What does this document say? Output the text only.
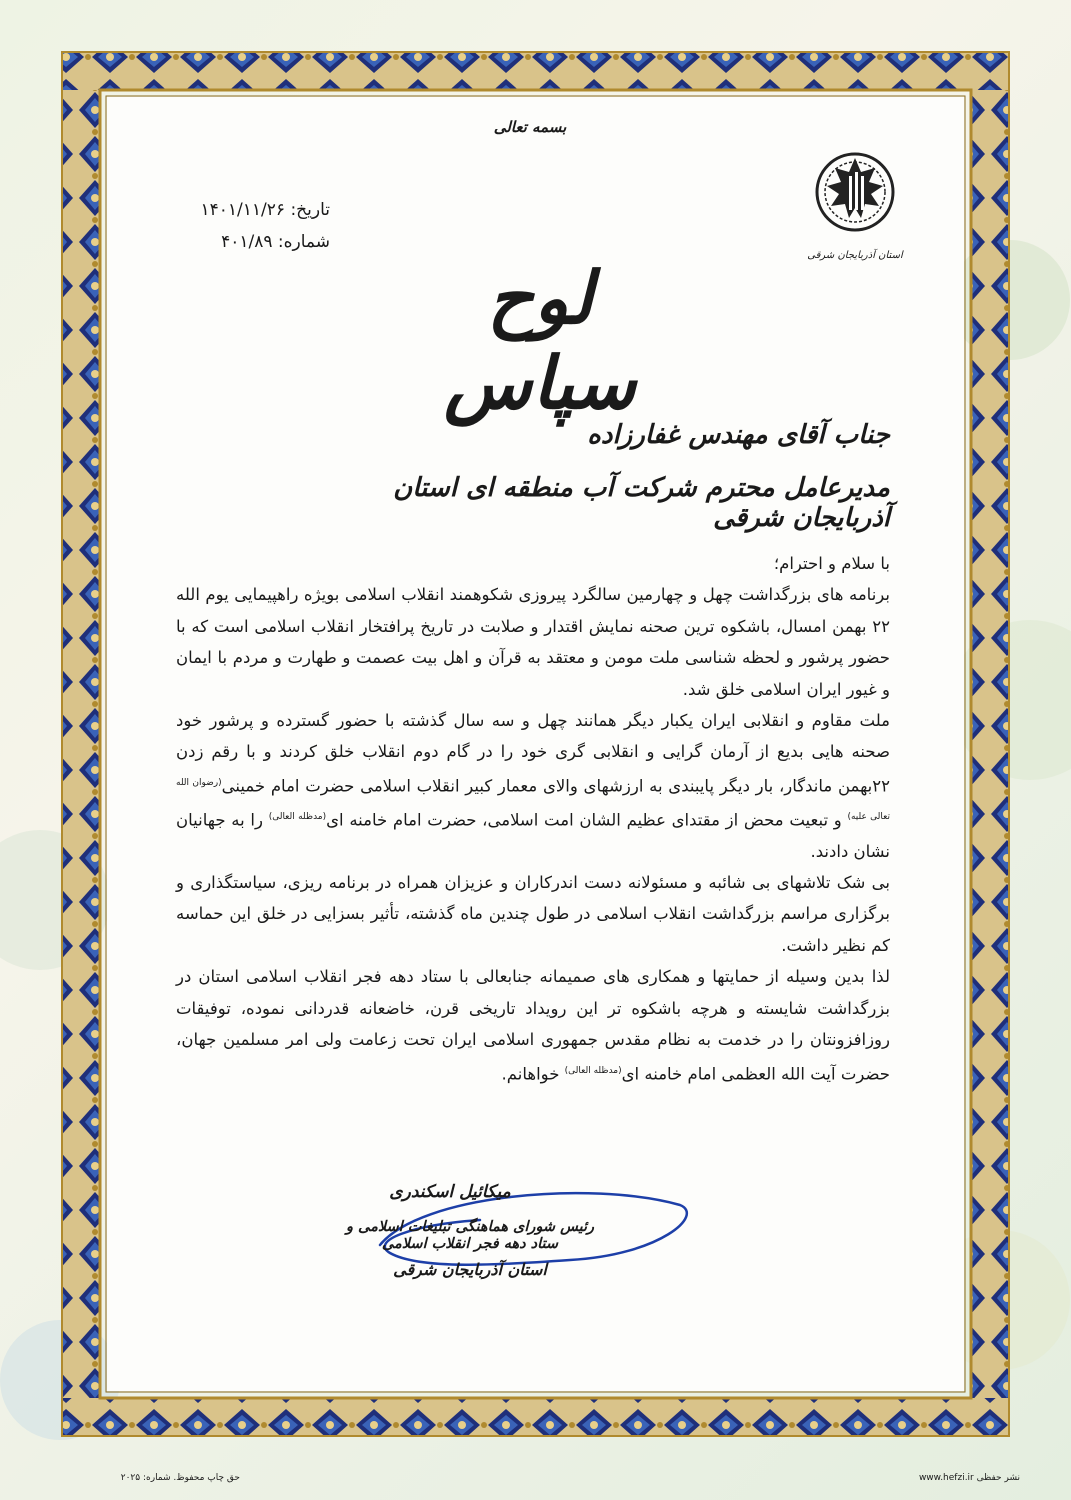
استان آذربایجان شرقی
بسمه تعالی
تاریخ: ۱۴۰۱/۱۱/۲۶
شماره: ۴۰۱/۸۹
لوح سپاس
جناب آقای مهندس غفارزاده
مدیرعامل محترم شرکت آب منطقه ای استان آذربایجان شرقی

با سلام و احترام؛

برنامه های بزرگداشت چهل و چهارمین سالگرد پیروزی شکوهمند انقلاب اسلامی بویژه راهپیمایی یوم الله ۲۲ بهمن امسال، باشکوه ترین صحنه نمایش اقتدار و صلابت در تاریخ پرافتخار انقلاب اسلامی است که با حضور پرشور و لحظه شناسی ملت مومن و معتقد به قرآن و اهل بیت عصمت و طهارت و مردم با ایمان و غیور ایران اسلامی خلق شد.

ملت مقاوم و انقلابی ایران یکبار دیگر همانند چهل و سه سال گذشته با حضور گسترده و پرشور خود صحنه هایی بدیع از آرمان گرایی و انقلابی گری خود را در گام دوم انقلاب خلق کردند و با رقم زدن ۲۲بهمن ماندگار، بار دیگر پایبندی به ارزشهای والای معمار کبیر انقلاب اسلامی حضرت امام خمینی$^{(رضوان الله تعالی علیه)}$ و تبعیت محض از مقتدای عظیم الشان امت اسلامی، حضرت امام خامنه ای$^{(مدظله العالی)}$ را به جهانیان نشان دادند.

بی شک تلاشهای بی شائبه و مسئولانه دست اندرکاران و عزیزان همراه در برنامه ریزی، سیاستگذاری و برگزاری مراسم بزرگداشت انقلاب اسلامی در طول چندین ماه گذشته، تأثیر بسزایی در خلق این حماسه کم نظیر داشت.

لذا بدین وسیله از حمایتها و همکاری های صمیمانه جنابعالی با ستاد دهه فجر انقلاب اسلامی استان در بزرگداشت شایسته و هرچه باشکوه تر این رویداد تاریخی قرن، خاضعانه قدردانی نموده، توفیقات روزافزونتان را در خدمت به نظام مقدس جمهوری اسلامی ایران تحت زعامت ولی امر مسلمین جهان، حضرت آیت الله العظمی امام خامنه ای$^{(مدظله العالی)}$ خواهانم.

میکائیل اسکندری
رئیس شورای هماهنگی تبلیغات اسلامی و ستاد دهه فجر انقلاب اسلامی
استان آذربایجان شرقی
www.hefzi.ir نشر حفظی
حق چاپ محفوظ. شماره: ۲۰۲۵
